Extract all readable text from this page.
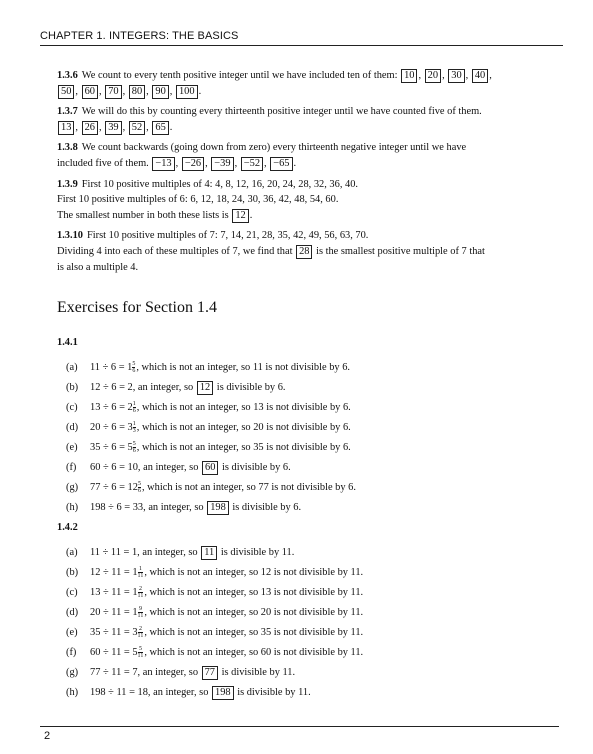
CHAPTER 1. INTEGERS: THE BASICS
1.3.6 We count to every tenth positive integer until we have included ten of them: 10 , 20 , 30 , 40 ,
50 , 60 , 70 , 80 , 90 , 100 .
1.3.7 We will do this by counting every thirteenth positive integer until we have counted five of them.
13 , 26 , 39 , 52 , 65 .
1.3.8 We count backwards (going down from zero) every thirteenth negative integer until we have
included five of them. −13 , −26 , −39 , −52 , −65 .
1.3.9 First 10 positive multiples of 4: 4, 8, 12, 16, 20, 24, 28, 32, 36, 40.
First 10 positive multiples of 6: 6, 12, 18, 24, 30, 36, 42, 48, 54, 60.
The smallest number in both these lists is 12 .
1.3.10 First 10 positive multiples of 7: 7, 14, 21, 28, 35, 42, 49, 56, 63, 70.
Dividing 4 into each of these multiples of 7, we find that 28 is the smallest positive multiple of 7 that
is also a multiple 4.
Exercises for Section 1.4
1.4.1
(a) $11 \div 6 = 1 \frac{5}{6}$ , which is not an integer, so 11 is not divisible by 6.
(b) 12 ÷ 6 = 2, an integer, so 12 is divisible by 6.
(c) $13 \div 6 = 2 \frac{1}{6}$ , which is not an integer, so 13 is not divisible by 6.
(d) $20 \div 6 = 3 \frac{1}{3}$ , which is not an integer, so 20 is not divisible by 6.
(e) $35 \div 6 = 5 \frac{5}{6}$ , which is not an integer, so 35 is not divisible by 6.
(f) 60 ÷ 6 = 10, an integer, so 60 is divisible by 6.
(g) $77 \div 6 = 12 \frac{5}{6}$ , which is not an integer, so 77 is not divisible by 6.
(h) 198 ÷ 6 = 33, an integer, so 198 is divisible by 6.
1.4.2
(a) 11 ÷ 11 = 1, an integer, so 11 is divisible by 11.
(b) $12 \div 11 = 1 \frac{1}{11}$ , which is not an integer, so 12 is not divisible by 11.
(c) $13 \div 11 = 1 \frac{2}{11}$ , which is not an integer, so 13 is not divisible by 11.
(d) $20 \div 11 = 1 \frac{9}{11}$ , which is not an integer, so 20 is not divisible by 11.
(e) $35 \div 11 = 3 \frac{2}{11}$ , which is not an integer, so 35 is not divisible by 11.
(f) $60 \div 11 = 5 \frac{5}{11}$ , which is not an integer, so 60 is not divisible by 11.
(g) 77 ÷ 11 = 7, an integer, so 77 is divisible by 11.
(h) 198 ÷ 11 = 18, an integer, so 198 is divisible by 11.
2
